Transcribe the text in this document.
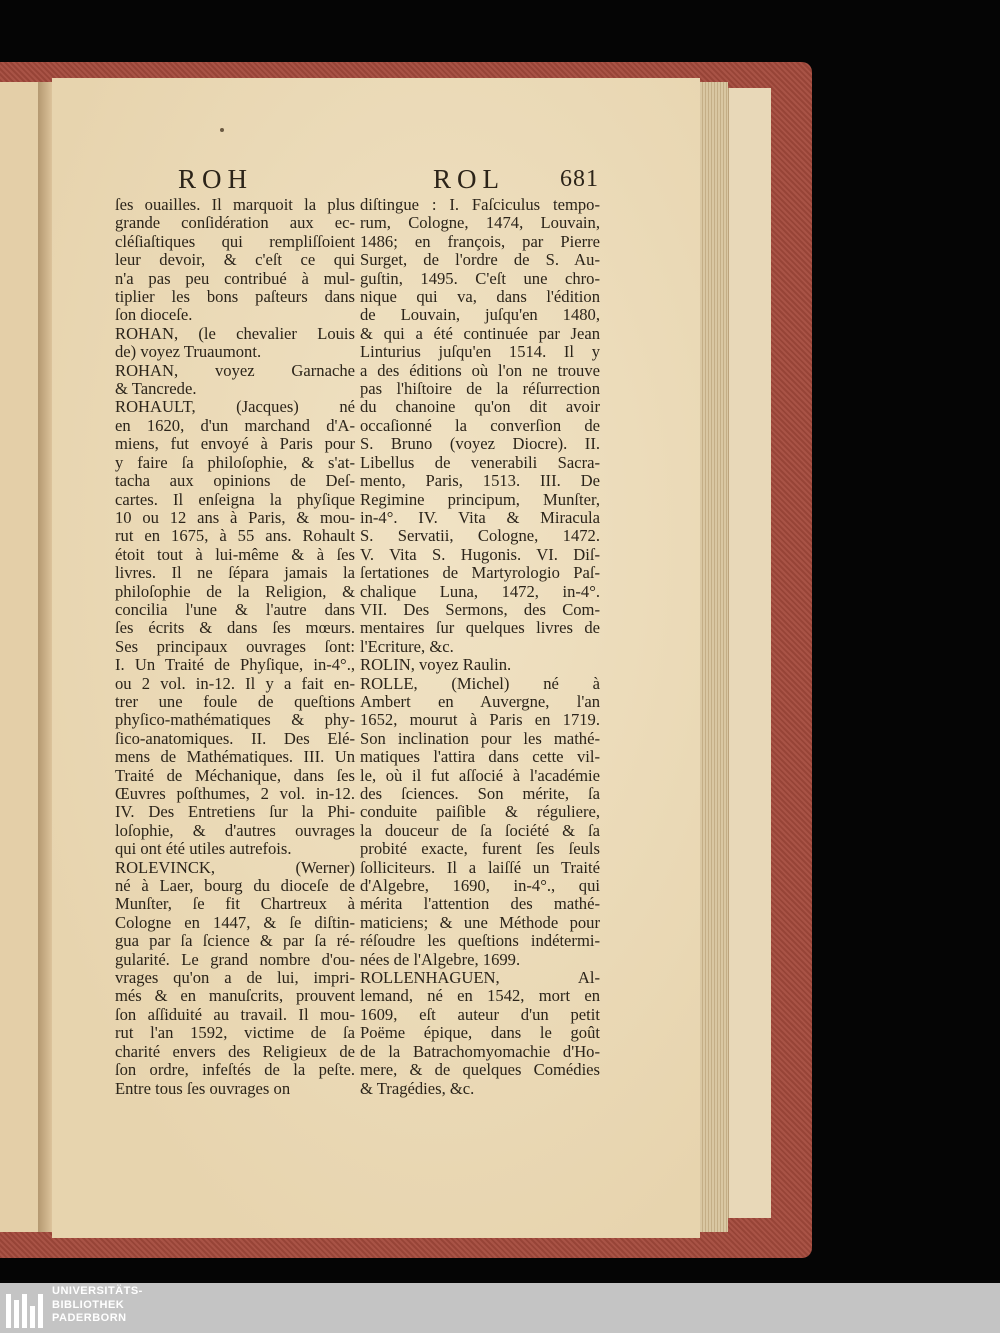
ROH	ROL 681
ſes ouailles. Il marquoit la plus
grande conſidération aux ec-
cléſiaſtiques qui rempliſſoient
leur devoir, & c'eſt ce qui
n'a pas peu contribué à mul-
tiplier les bons paſteurs dans
ſon dioceſe.
ROHAN, (le chevalier Louis
de) voyez Truaumont.
ROHAN, voyez Garnache
& Tancrede.
ROHAULT, (Jacques) né
en 1620, d'un marchand d'A-
miens, fut envoyé à Paris pour
y faire ſa philoſophie, & s'at-
tacha aux opinions de Deſ-
cartes. Il enſeigna la phyſique
10 ou 12 ans à Paris, & mou-
rut en 1675, à 55 ans. Rohault
étoit tout à lui-même & à ſes
livres. Il ne ſépara jamais la
philoſophie de la Religion, &
concilia l'une & l'autre dans
ſes écrits & dans ſes mœurs.
Ses principaux ouvrages ſont:
I. Un Traité de Phyſique, in-4°.,
ou 2 vol. in-12. Il y a fait en-
trer une foule de queſtions
phyſico-mathématiques & phy-
ſico-anatomiques. II. Des Elé-
mens de Mathématiques. III. Un
Traité de Méchanique, dans ſes
Œuvres poſthumes, 2 vol. in-12.
IV. Des Entretiens ſur la Phi-
loſophie, & d'autres ouvrages
qui ont été utiles autrefois.
ROLEVINCK, (Werner)
né à Laer, bourg du dioceſe de
Munſter, ſe fit Chartreux à
Cologne en 1447, & ſe diſtin-
gua par ſa ſcience & par ſa ré-
gularité. Le grand nombre d'ou-
vrages qu'on a de lui, impri-
més & en manuſcrits, prouvent
ſon aſſiduité au travail. Il mou-
rut l'an 1592, victime de ſa
charité envers des Religieux de
ſon ordre, infeſtés de la peſte.
Entre tous ſes ouvrages on
diſtingue : I. Faſciculus tempo-
rum, Cologne, 1474, Louvain,
1486; en françois, par Pierre
Surget, de l'ordre de S. Au-
guſtin, 1495. C'eſt une chro-
nique qui va, dans l'édition
de Louvain, juſqu'en 1480,
& qui a été continuée par Jean
Linturius juſqu'en 1514. Il y
a des éditions où l'on ne trouve
pas l'hiſtoire de la réſurrection
du chanoine qu'on dit avoir
occaſionné la converſion de
S. Bruno (voyez Diocre). II.
Libellus de venerabili Sacra-
mento, Paris, 1513. III. De
Regimine principum, Munſter,
in-4°. IV. Vita & Miracula
S. Servatii, Cologne, 1472.
V. Vita S. Hugonis. VI. Diſ-
ſertationes de Martyrologio Paſ-
chalique Luna, 1472, in-4°.
VII. Des Sermons, des Com-
mentaires ſur quelques livres de
l'Ecriture, &c.
ROLIN, voyez Raulin.
ROLLE, (Michel) né à
Ambert en Auvergne, l'an
1652, mourut à Paris en 1719.
Son inclination pour les mathé-
matiques l'attira dans cette vil-
le, où il fut aſſocié à l'académie
des ſciences. Son mérite, ſa
conduite paiſible & réguliere,
la douceur de ſa ſociété & ſa
probité exacte, furent ſes ſeuls
ſolliciteurs. Il a laiſſé un Traité
d'Algebre, 1690, in-4°., qui
mérita l'attention des mathé-
maticiens; & une Méthode pour
réſoudre les queſtions indétermi-
nées de l'Algebre, 1699.
ROLLENHAGUEN, Al-
lemand, né en 1542, mort en
1609, eſt auteur d'un petit
Poëme épique, dans le goût
de la Batrachomyomachie d'Ho-
mere, & de quelques Comédies
& Tragédies, &c.
UNIVERSITÄTS-
BIBLIOTHEK
PADERBORN
